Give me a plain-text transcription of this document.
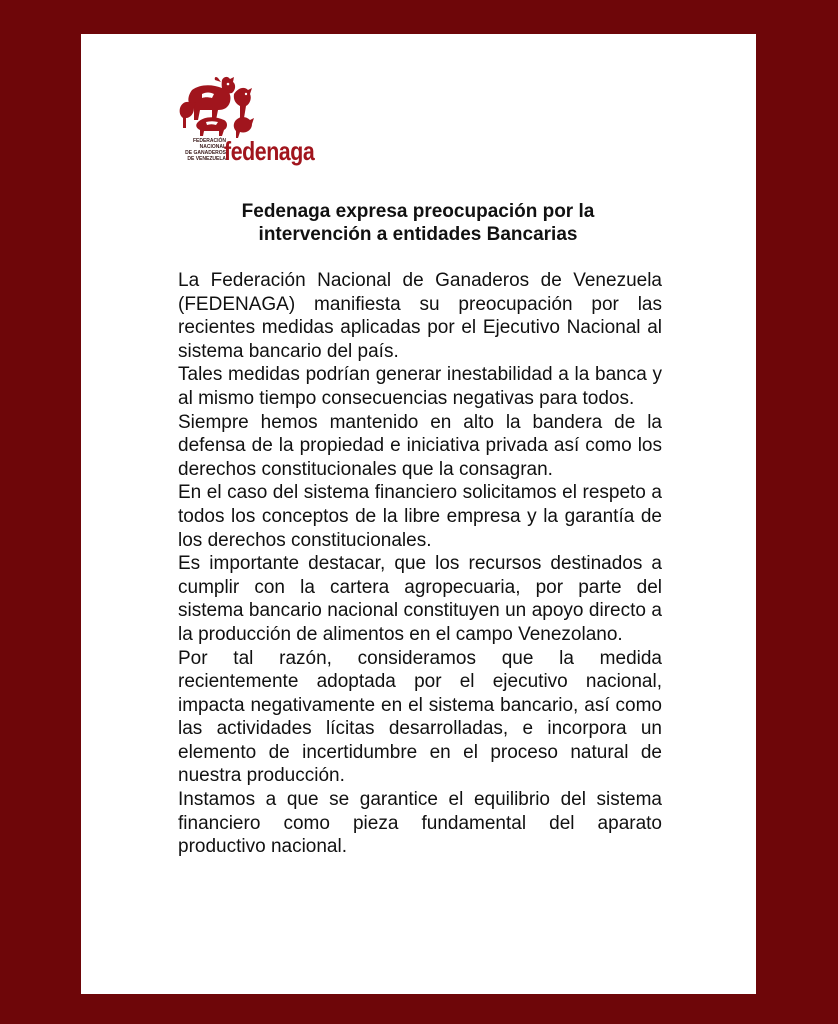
FEDERACIÓN
NACIONAL
DE GANADEROS
DE VENEZUELA
fedenaga
Fedenaga expresa preocupación por la
intervención a entidades Bancarias

La Federación Nacional de Ganaderos de Venezuela (FEDENAGA) manifiesta su preocupación por las recientes medidas aplicadas por el Ejecutivo Nacional al sistema bancario del país.

Tales medidas podrían generar inestabilidad a la banca y al mismo tiempo consecuencias negativas para todos.

Siempre hemos mantenido en alto la bandera de la defensa de la propiedad e iniciativa privada así como los derechos constitucionales que la consagran.

En el caso del sistema financiero solicitamos el respeto a todos los conceptos de la libre empresa y la garantía de los derechos constitucionales.

Es importante destacar, que los recursos destinados a cumplir con la cartera agropecuaria, por parte del sistema bancario nacional constituyen un apoyo directo a la producción de alimentos en el campo Venezolano.

Por tal razón, consideramos que la medida recientemente adoptada por el ejecutivo nacional, impacta negativamente en el sistema bancario, así como las actividades lícitas desarrolladas, e incorpora un elemento de incertidumbre en el proceso natural de nuestra producción.

Instamos a que se garantice el equilibrio del sistema financiero como pieza fundamental del aparato productivo nacional.
